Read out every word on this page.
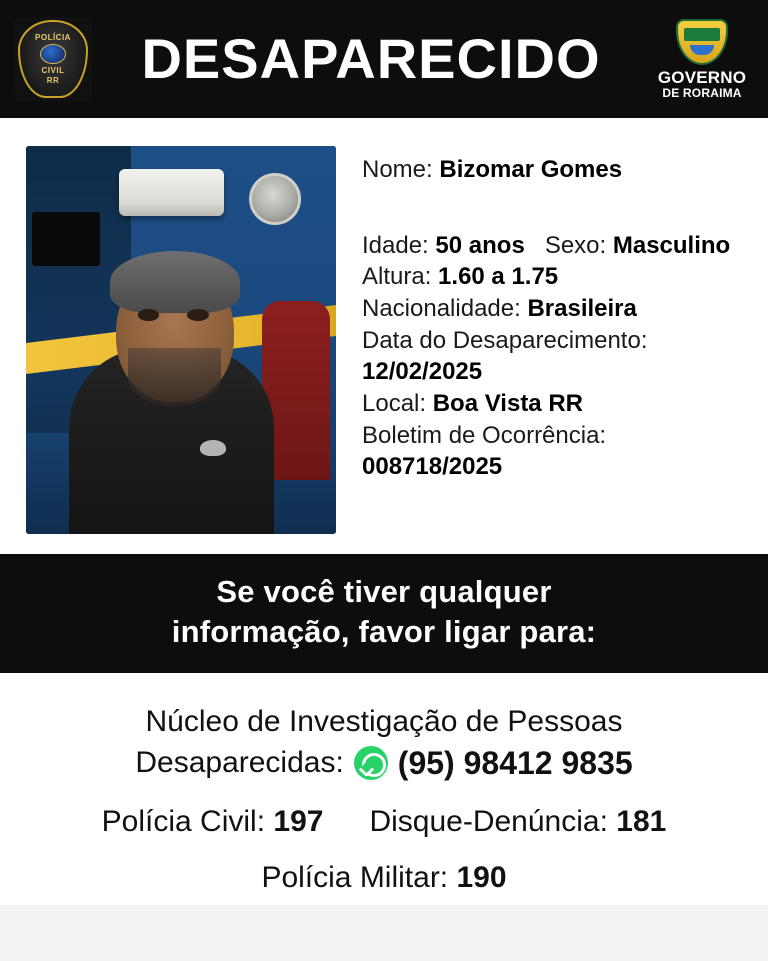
POLÍCIA
CIVIL
RR DESAPARECIDO	GOVERNO
DE RORAIMA
Nome: Bizomar Gomes
Idade: 50 anos Sexo: Masculino
Altura: 1.60 a 1.75
Nacionalidade: Brasileira
Data do Desaparecimento:
12/02/2025
Local: Boa Vista RR
Boletim de Ocorrência:
008718/2025
Se você tiver qualquer
informação, favor ligar para:
Núcleo de Investigação de Pessoas
Desaparecidas: (95) 98412 9835
Polícia Civil: 197 Disque-Denúncia: 181
Polícia Militar: 190
